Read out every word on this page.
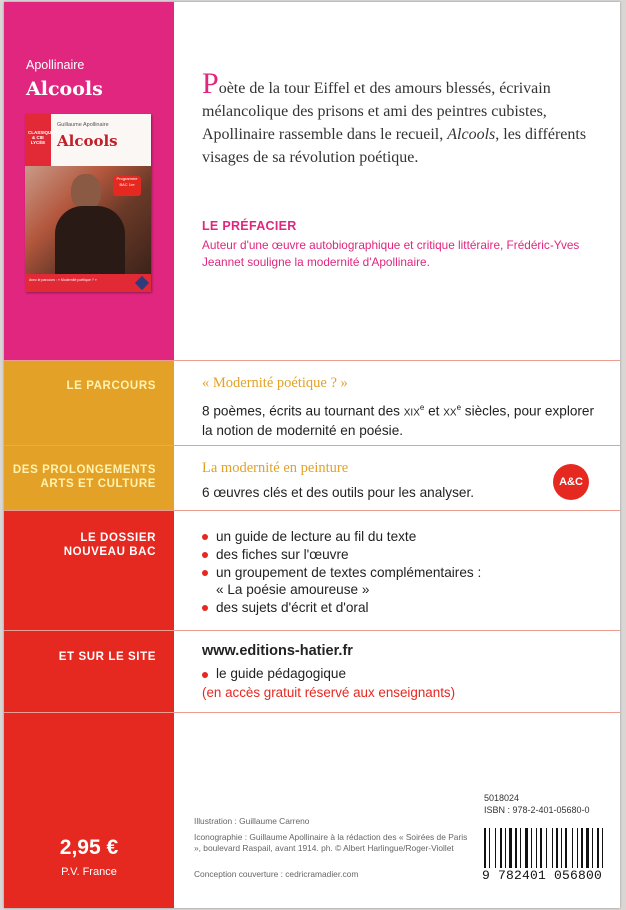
Apollinaire
Alcools
CLASSIQUES & CIE LYCÉE
Guillaume Apollinaire
Alcools
Programme BAC 1re
Avec le parcours : « Modernité poétique ? »
Poète de la tour Eiffel et des amours blessés, écrivain mélancolique des prisons et ami des peintres cubistes, Apollinaire rassemble dans le recueil, Alcools, les différents visages de sa révolution poétique.
LE PRÉFACIER
Auteur d'une œuvre autobiographique et critique littéraire, Frédéric-Yves Jeannet souligne la modernité d'Apollinaire.
LE PARCOURS	« Modernité poétique ? »
8 poèmes, écrits au tournant des xix$^e$ et $xx^e$ siècles, pour explorer la notion de modernité en poésie.
DES PROLONGEMENTS
ARTS ET CULTURE
La modernité en peinture
6 œuvres clés et des outils pour les analyser.
A&C
LE DOSSIER
NOUVEAU BAC
un guide de lecture au fil du texte
des fiches sur l'œuvre
un groupement de textes complémentaires :
« La poésie amoureuse »
des sujets d'écrit et d'oral
ET SUR LE SITE	www.editions-hatier.fr
le guide pédagogique
(en accès gratuit réservé aux enseignants)
2,95 €
P.V. France
Illustration : Guillaume Carreno
Iconographie : Guillaume Apollinaire à la rédaction des « Soirées de Paris », boulevard Raspail, avant 1914. ph. © Albert Harlingue/Roger-Viollet
Conception couverture : cedricramadier.com
5018024
ISBN : 978-2-401-05680-0
9 782401 056800
